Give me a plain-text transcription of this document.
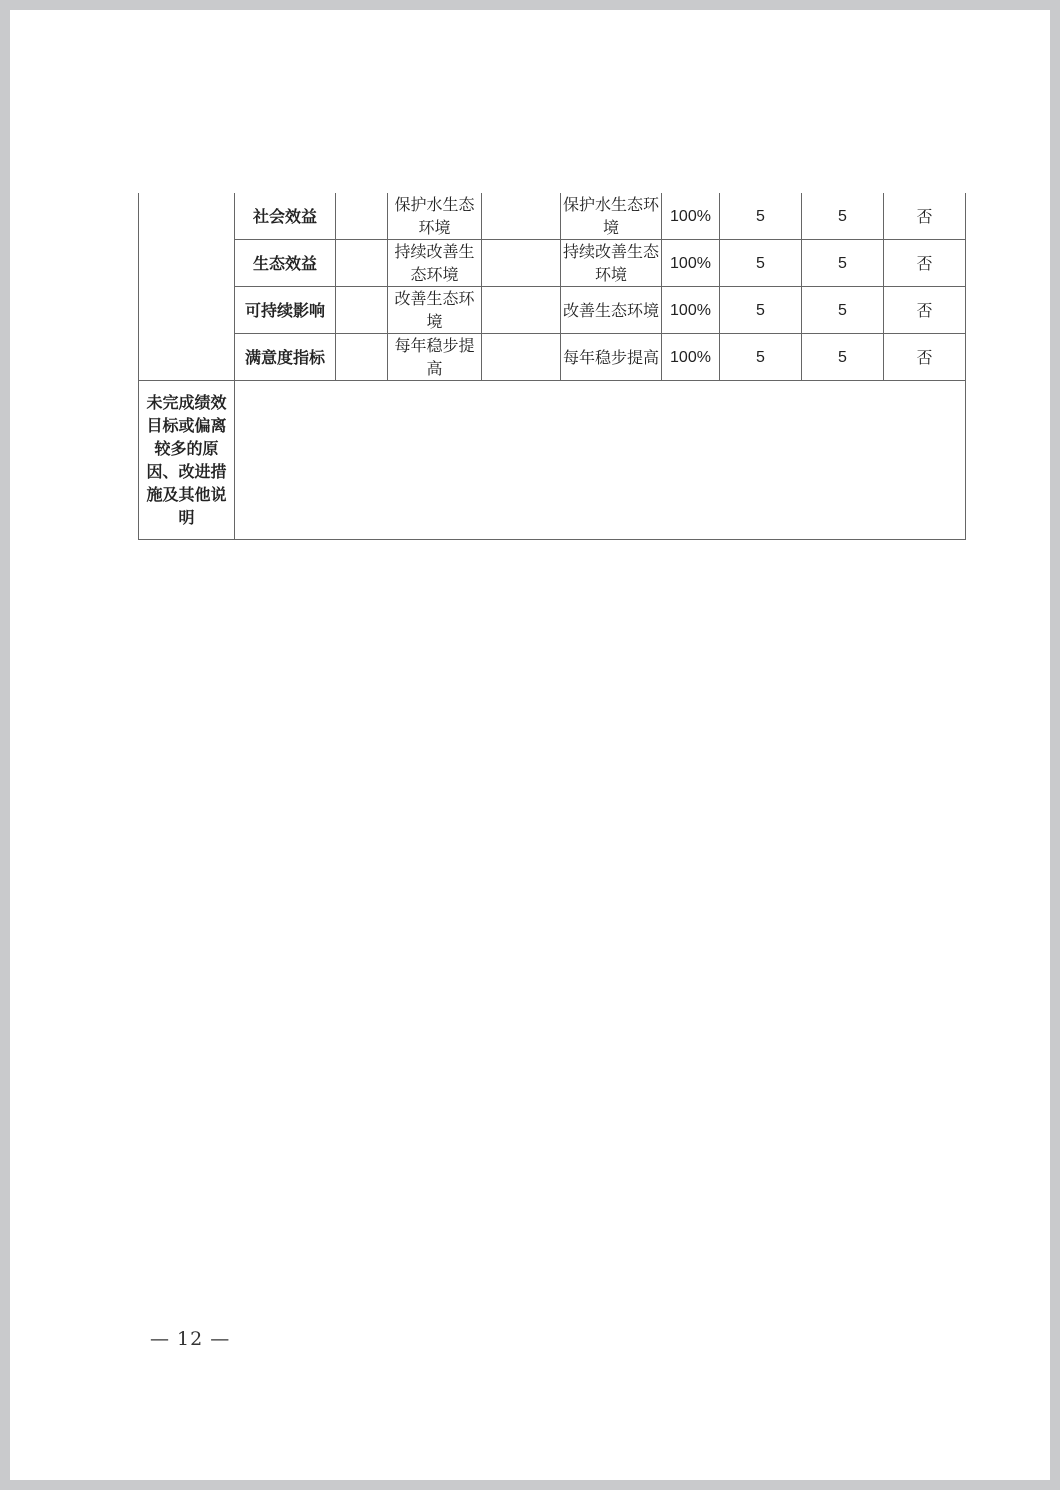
	社会效益		保护水生态环境		保护水生态环境	100%	5	5	否
	生态效益		持续改善生态环境		持续改善生态环境	100%	5	5	否
	可持续影响		改善生态环境		改善生态环境	100%	5	5	否
	满意度指标		每年稳步提高		每年稳步提高	100%	5	5	否
未完成绩效目标或偏离较多的原因、改进措施及其他说明									
— 12 —
